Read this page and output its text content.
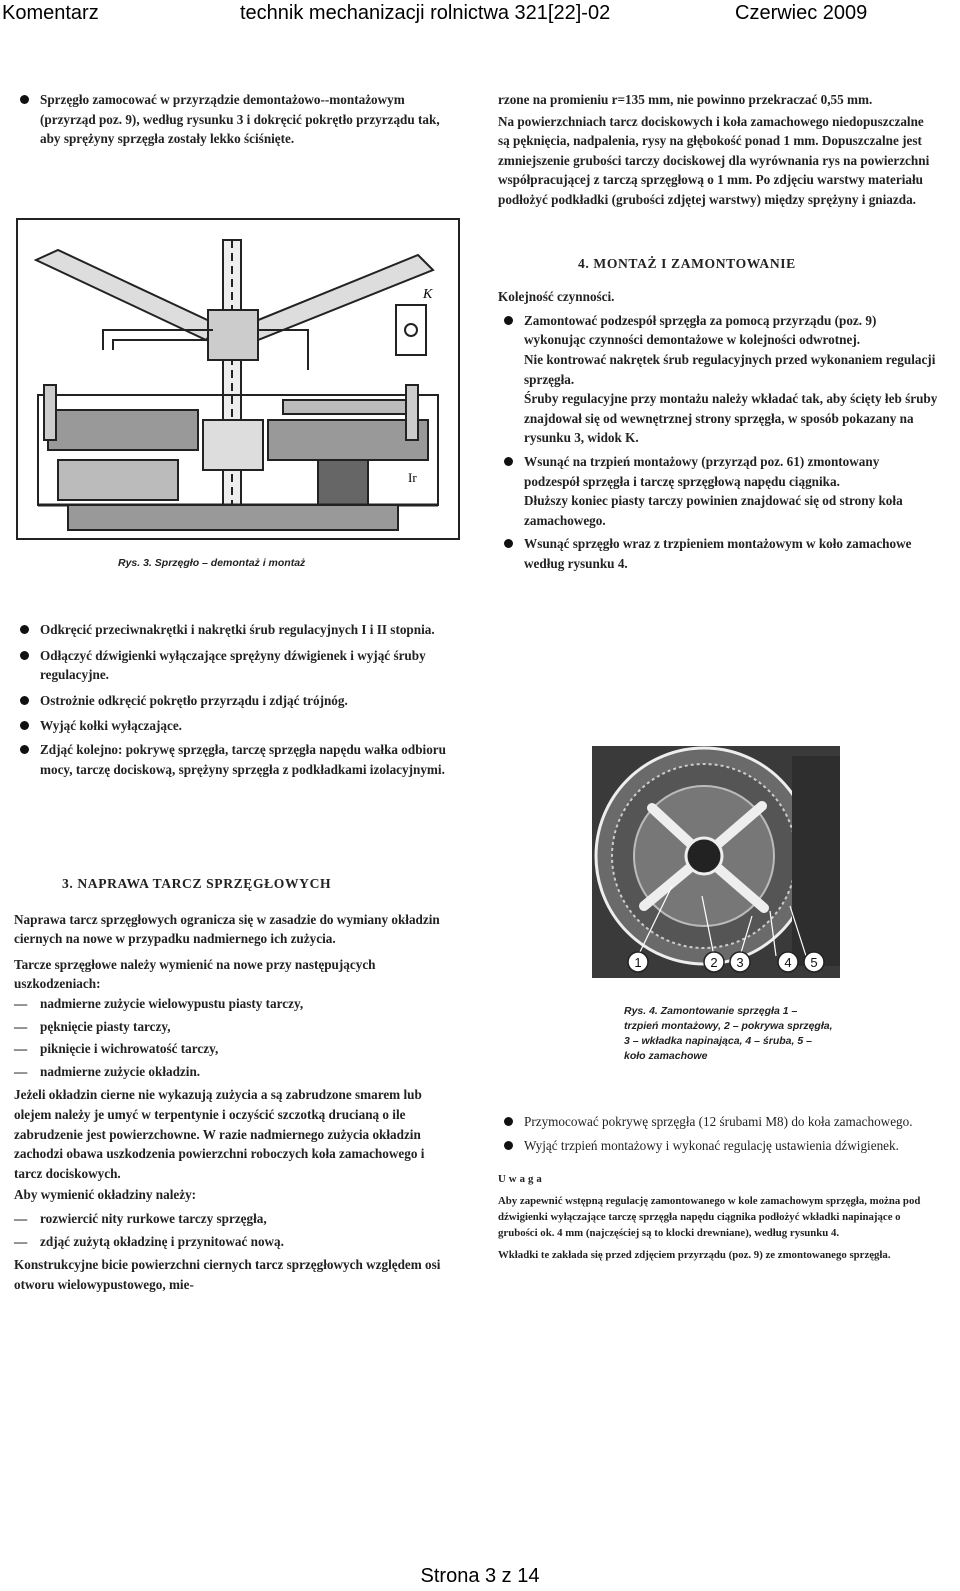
Komentarz	technik mechanizacji rolnictwa 321[22]-02	Czerwiec 2009

Sprzęgło zamocować w przyrządzie demontażowo--montażowym (przyrząd poz. 9), według rysunku 3 i dokręcić pokrętło przyrządu tak, aby sprężyny sprzęgła zostały lekko ściśnięte.

K
Ir
Rys. 3. Sprzęgło – demontaż i montaż

Odkręcić przeciwnakrętki i nakrętki śrub regulacyjnych I i II stopnia.

Odłączyć dźwigienki wyłączające sprężyny dźwigienek i wyjąć śruby regulacyjne.

Ostrożnie odkręcić pokrętło przyrządu i zdjąć trójnóg.

Wyjąć kołki wyłączające.

Zdjąć kolejno: pokrywę sprzęgła, tarczę sprzęgła napędu wałka odbioru mocy, tarczę dociskową, sprężyny sprzęgła z podkładkami izolacyjnymi.

3. NAPRAWA TARCZ SPRZĘGŁOWYCH

Naprawa tarcz sprzęgłowych ogranicza się w zasadzie do wymiany okładzin ciernych na nowe w przypadku nadmiernego ich zużycia.

Tarcze sprzęgłowe należy wymienić na nowe przy następujących uszkodzeniach:

— nadmierne zużycie wielowypustu piasty tarczy,

— pęknięcie piasty tarczy,

— piknięcie i wichrowatość tarczy,

— nadmierne zużycie okładzin.

Jeżeli okładzin cierne nie wykazują zużycia a są zabrudzone smarem lub olejem należy je umyć w terpentynie i oczyścić szczotką drucianą o ile zabrudzenie jest powierzchowne. W razie nadmiernego zużycia okładzin zachodzi obawa uszkodzenia powierzchni roboczych koła zamachowego i tarcz dociskowych.

Aby wymienić okładziny należy:

— rozwiercić nity rurkowe tarczy sprzęgła,

— zdjąć zużytą okładzinę i przynitować nową.

Konstrukcyjne bicie powierzchni ciernych tarcz sprzęgłowych względem osi otworu wielowypustowego, mie-

rzone na promieniu r=135 mm, nie powinno przekraczać 0,55 mm.

Na powierzchniach tarcz dociskowych i koła zamachowego niedopuszczalne są pęknięcia, nadpalenia, rysy na głębokość ponad 1 mm. Dopuszczalne jest zmniejszenie grubości tarczy dociskowej dla wyrównania rys na powierzchni współpracującej z tarczą sprzęgłową o 1 mm. Po zdjęciu warstwy materiału podłożyć podkładki (grubości zdjętej warstwy) między sprężyny i gniazda.

4. MONTAŻ I ZAMONTOWANIE

Kolejność czynności.

Zamontować podzespół sprzęgła za pomocą przyrządu (poz. 9) wykonując czynności demontażowe w kolejności odwrotnej.

Nie kontrować nakrętek śrub regulacyjnych przed wykonaniem regulacji sprzęgła.

Śruby regulacyjne przy montażu należy wkładać tak, aby ścięty łeb śruby znajdował się od wewnętrznej strony sprzęgła, w sposób pokazany na rysunku 3, widok K.

Wsunąć na trzpień montażowy (przyrząd poz. 61) zmontowany podzespół sprzęgła i tarczę sprzęgłową napędu ciągnika.

Dłuższy koniec piasty tarczy powinien znajdować się od strony koła zamachowego.

Wsunąć sprzęgło wraz z trzpieniem montażowym w koło zamachowe według rysunku 4.

1	2 3	4 5
Rys. 4. Zamontowanie sprzęgła 1 – trzpień montażowy, 2 – pokrywa sprzęgła, 3 – wkładka napinająca, 4 – śruba, 5 – koło zamachowe

Przymocować pokrywę sprzęgła (12 śrubami M8) do koła zamachowego.

Wyjąć trzpień montażowy i wykonać regulację ustawienia dźwigienek.

Uwaga

Aby zapewnić wstępną regulację zamontowanego w kole zamachowym sprzęgła, można pod dźwigienki wyłączające tarczę sprzęgła napędu ciągnika podłożyć wkładki napinające o grubości ok. 4 mm (najczęściej są to klocki drewniane), według rysunku 4.

Wkładki te zakłada się przed zdjęciem przyrządu (poz. 9) ze zmontowanego sprzęgła.

Strona 3 z 14
